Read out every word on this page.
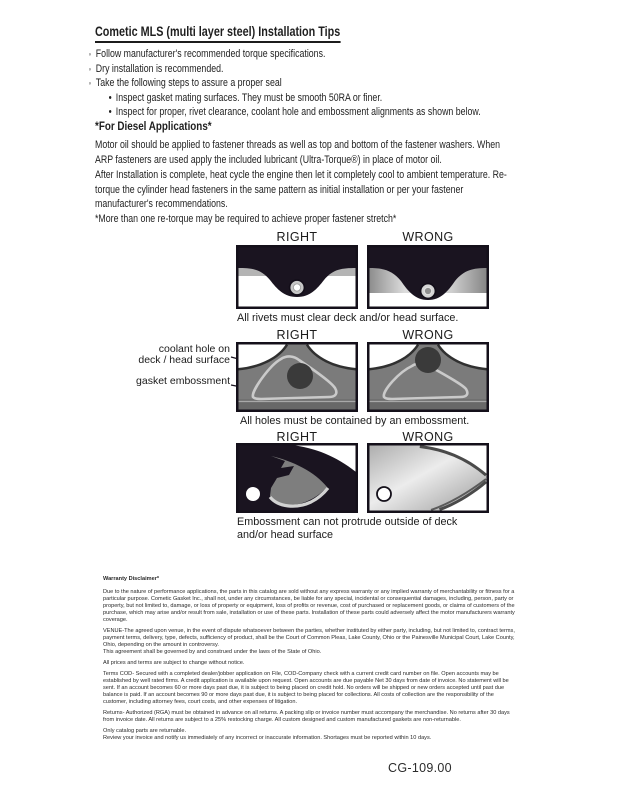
Cometic MLS (multi layer steel) Installation Tips
◦ Follow manufacturer's recommended torque specifications.
◦ Dry installation is recommended.
◦ Take the following steps to assure a proper seal
• Inspect gasket mating surfaces. They must be smooth 50RA or finer.
• Inspect for proper, rivet clearance, coolant hole and embossment alignments as shown below.
*For Diesel Applications*
Motor oil should be applied to fastener threads as well as top and bottom of the fastener washers. When ARP fasteners are used apply the included lubricant (Ultra-Torque®) in place of motor oil.
After Installation is complete, heat cycle the engine then let it completely cool to ambient temperature. Re-torque the cylinder head fasteners in the same pattern as initial installation or per your fastener manufacturer's recommendations.
*More than one re-torque may be required to achieve proper fastener stretch*
RIGHT	WRONG
All rivets must clear deck and/or head surface.
RIGHT	WRONG
coolant hole on
deck / head surface
gasket embossment
All holes must be contained by an embossment.
RIGHT	WRONG
Embossment can not protrude outside of deck
and/or head surface

Warranty Disclaimer*

Due to the nature of performance applications, the parts in this catalog are sold without any express warranty or any implied warranty of merchantability or fitness for a particular purpose. Cometic Gasket Inc., shall not, under any circumstances, be liable for any special, incidental or consequential damages, including, person, party or property, but not limited to, damage, or loss of property or equipment, loss of profits or revenue, cost of purchased or replacement goods, or claims of customers of the purchase, which may arise and/or result from sale, installation or use of these parts. Installation of these parts could adversely affect the motor manufacturers warranty coverage.

VENUE-The agreed upon venue, in the event of dispute whatsoever between the parties, whether instituted by either party, including, but not limited to, contract terms, payment terms, delivery, type, defects, sufficiency of product, shall be the Court of Common Pleas, Lake County, Ohio or the Painesville Municipal Court, Lake County, Ohio, depending on the amount in controversy.

This agreement shall be governed by and construed under the laws of the State of Ohio.

All prices and terms are subject to change without notice.

Terms COD- Secured with a completed dealer/jobber application on File, COD-Company check with a current credit card number on file. Open accounts may be established by well rated firms. A credit application is available upon request. Open accounts are due payable Net 30 days from date of invoice. No statement will be sent. If an account becomes 60 or more days past due, it is subject to being placed on credit hold. No orders will be shipped or new orders accepted until past due balance is paid. If an account becomes 90 or more days past due, it is subject to being placed for collections. All costs of collection are the responsibility of the customer, including attorney fees, court costs, and other expenses of litigation.

Returns- Authorized (RGA) must be obtained in advance on all returns. A packing slip or invoice number must accompany the merchandise. No returns after 30 days from invoice date. All returns are subject to a 25% restocking charge. All custom designed and custom manufactured gaskets are non-returnable.

Only catalog parts are returnable.

Review your invoice and notify us immediately of any incorrect or inaccurate information. Shortages must be reported within 10 days.

CG-109.00
